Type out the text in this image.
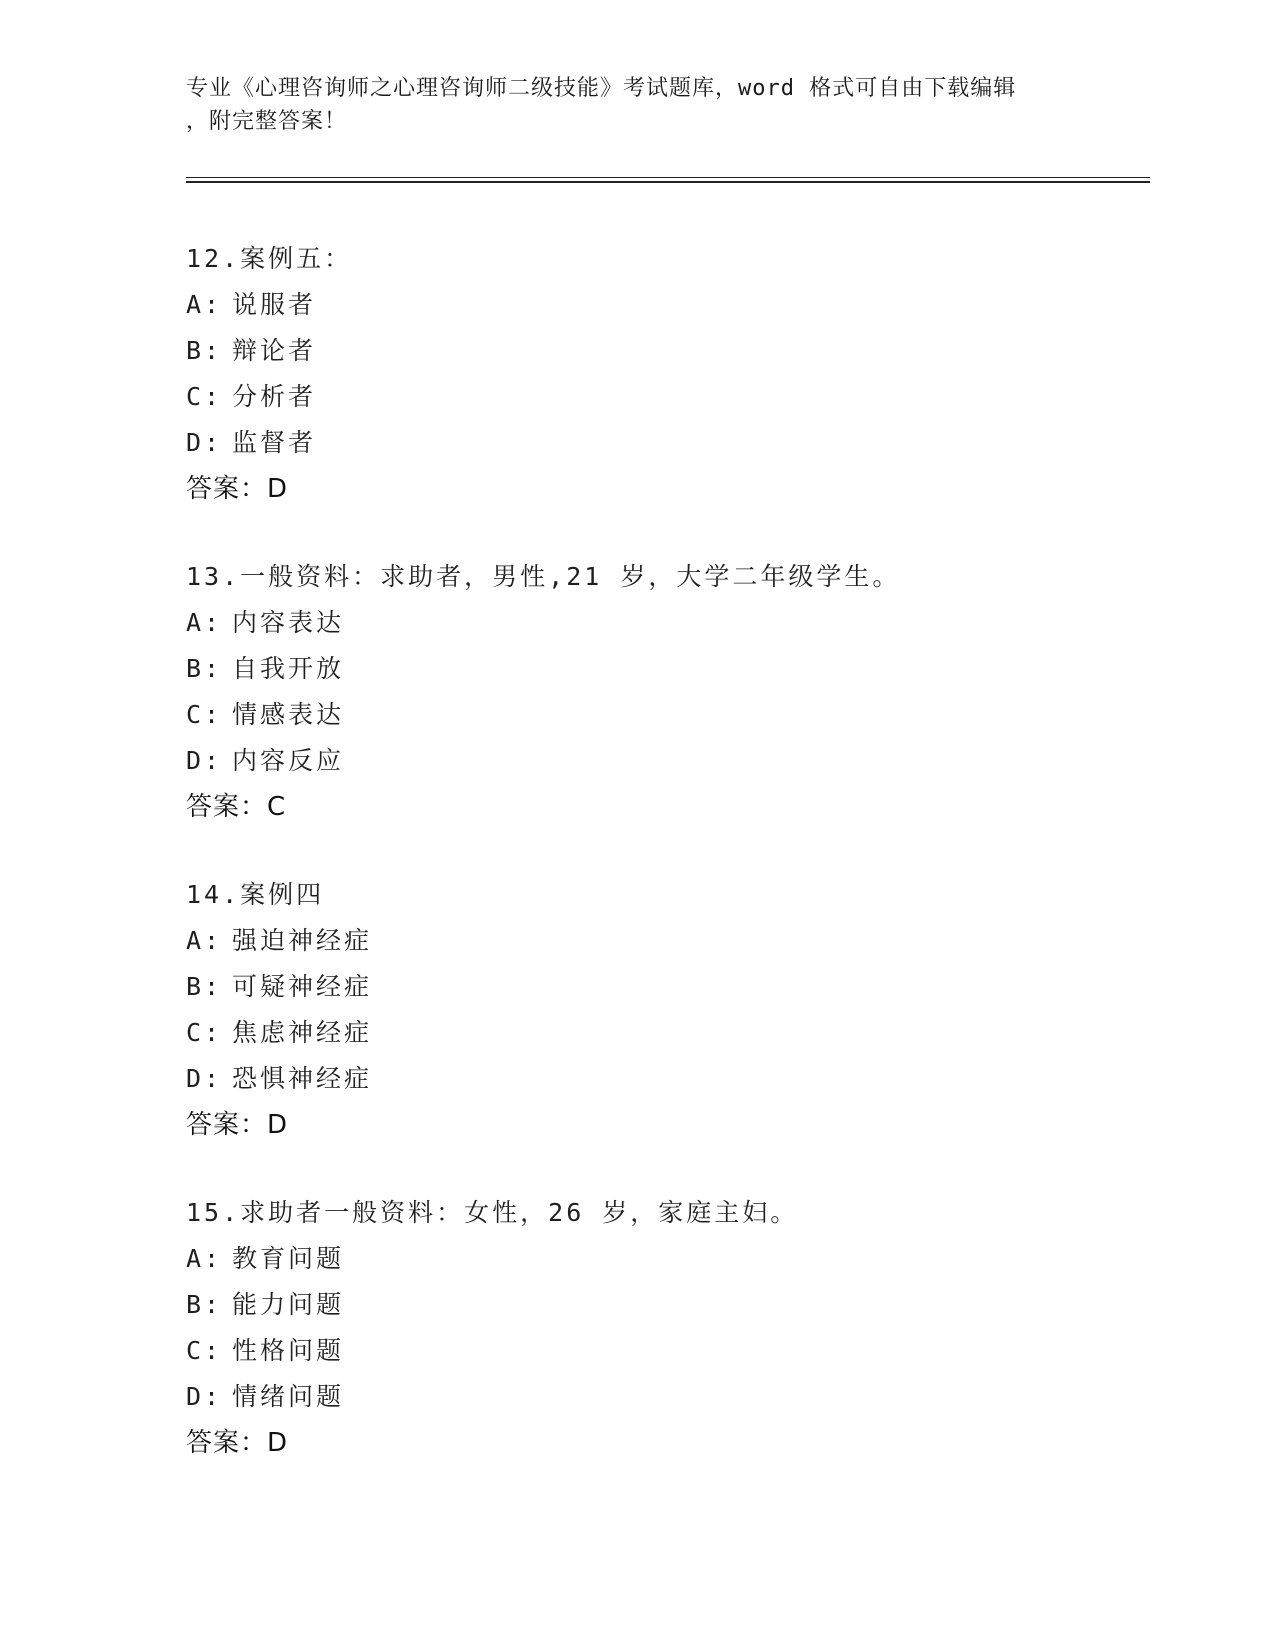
专业《心理咨询师之心理咨询师二级技能》考试题库，word 格式可自由下载编辑
，附完整答案！
12.案例五：
A: 说服者
B: 辩论者
C: 分析者
D: 监督者
答案：D
13.一般资料：求助者，男性,21 岁，大学二年级学生。
A: 内容表达
B: 自我开放
C: 情感表达
D: 内容反应
答案：C
14.案例四
A: 强迫神经症
B: 可疑神经症
C: 焦虑神经症
D: 恐惧神经症
答案：D
15.求助者一般资料：女性，26 岁，家庭主妇。
A: 教育问题
B: 能力问题
C: 性格问题
D: 情绪问题
答案：D
